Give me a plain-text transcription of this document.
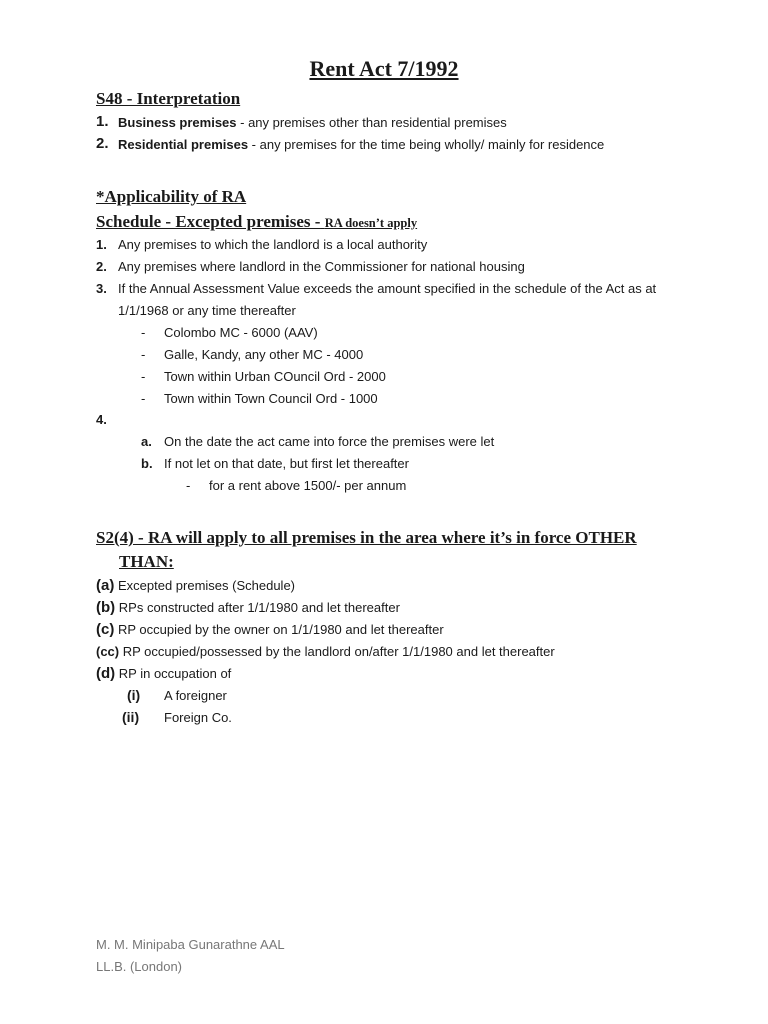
Rent Act 7/1992
S48 - Interpretation
1. Business premises - any premises other than residential premises
2. Residential premises - any premises for the time being wholly/ mainly for residence
*Applicability of RA
Schedule - Excepted premises - RA doesn’t apply
1. Any premises to which the landlord is a local authority
2. Any premises where landlord in the Commissioner for national housing
3. If the Annual Assessment Value exceeds the amount specified in the schedule of the Act as at
1/1/1968 or any time thereafter
- Colombo MC - 6000 (AAV)
- Galle, Kandy, any other MC - 4000
- Town within Urban COuncil Ord - 2000
- Town within Town Council Ord - 1000
4.
a. On the date the act came into force the premises were let
b. If not let on that date, but first let thereafter
- for a rent above 1500/- per annum
S2(4) - RA will apply to all premises in the area where it’s in force OTHER
THAN:
(a) Excepted premises (Schedule)
(b) RPs constructed after 1/1/1980 and let thereafter
(c) RP occupied by the owner on 1/1/1980 and let thereafter
(cc) RP occupied/possessed by the landlord on/after 1/1/1980 and let thereafter
(d) RP in occupation of
(i) A foreigner
(ii) Foreign Co.
M. M. Minipaba Gunarathne AAL
LL.B. (London)
